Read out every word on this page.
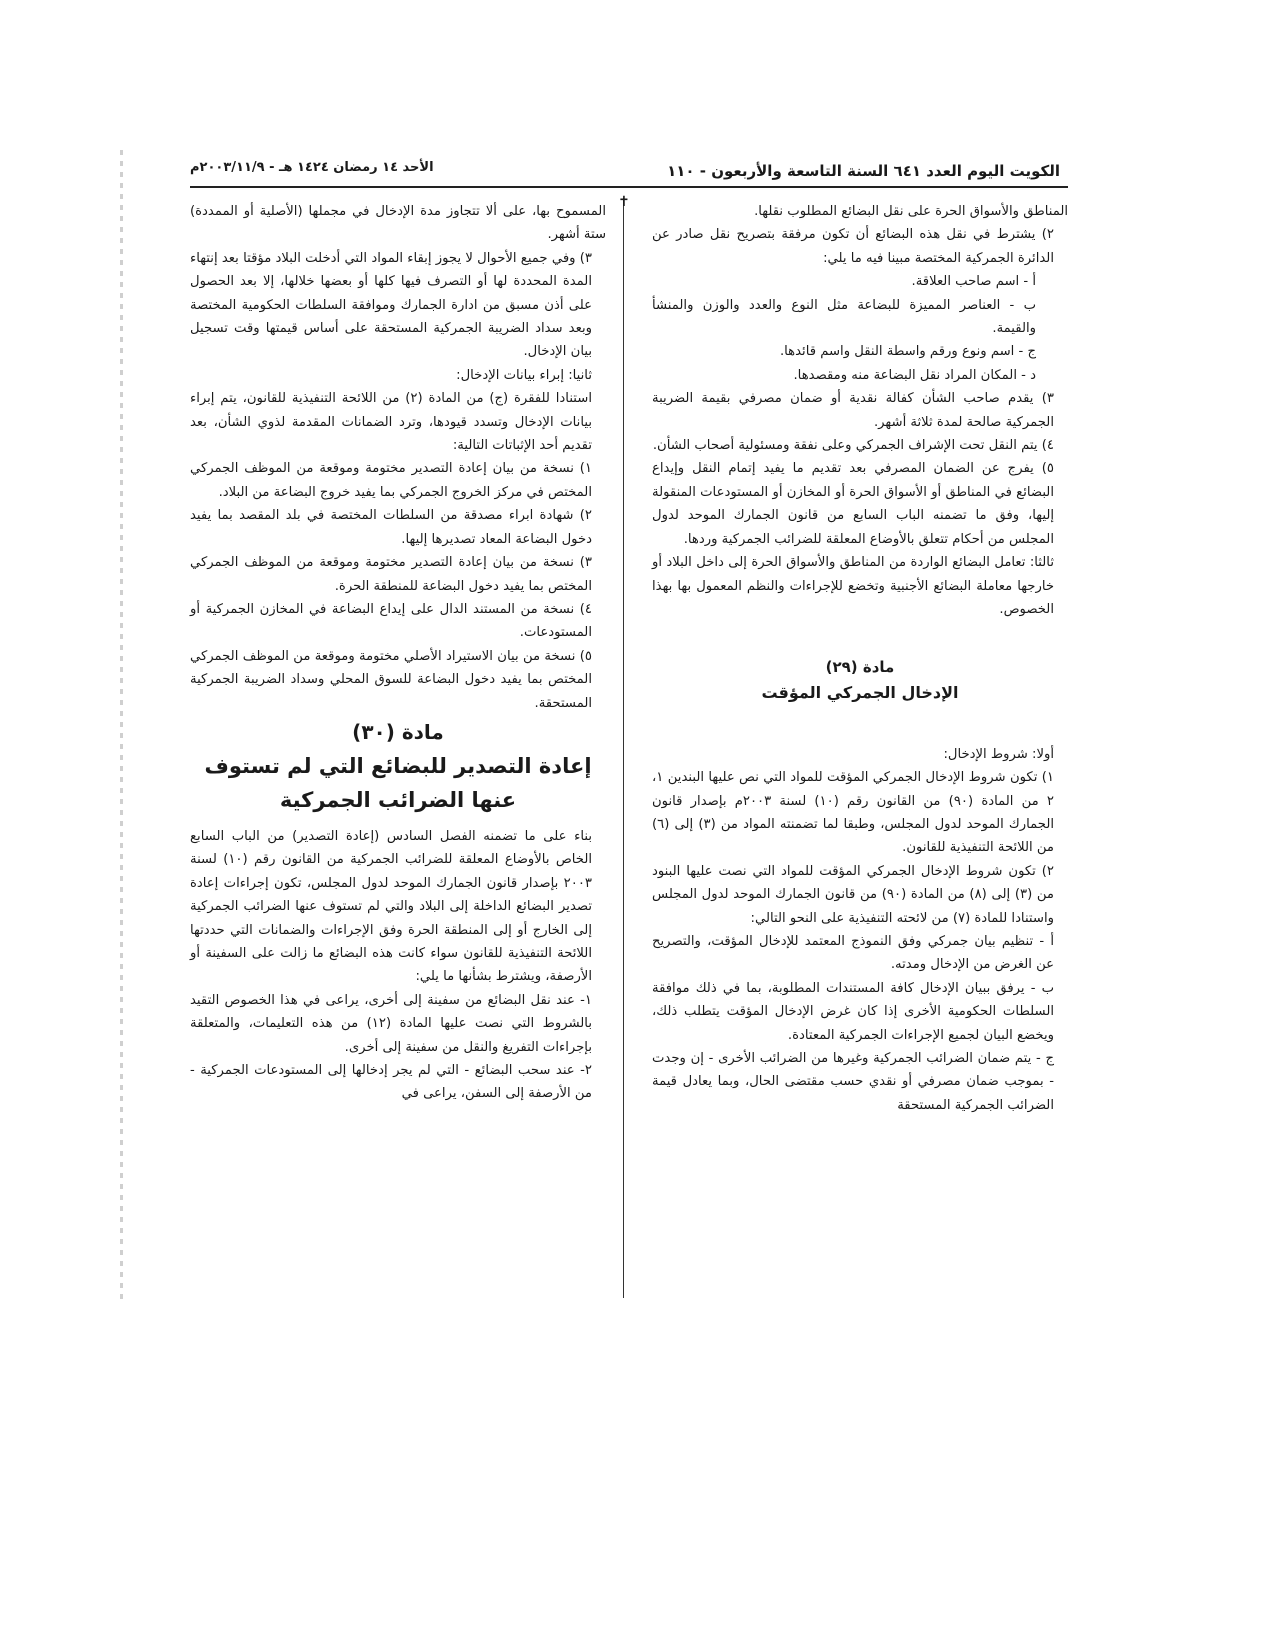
الكويت اليوم العدد ٦٤١ السنة التاسعة والأربعون - ١١٠
الأحد ١٤ رمضان ١٤٢٤ هـ - ٢٠٠٣/١١/٩م
✝

المناطق والأسواق الحرة على نقل البضائع المطلوب نقلها.

٢) يشترط في نقل هذه البضائع أن تكون مرفقة بتصريح نقل صادر عن الدائرة الجمركية المختصة مبينا فيه ما يلي:

أ - اسم صاحب العلاقة.

ب - العناصر المميزة للبضاعة مثل النوع والعدد والوزن والمنشأ والقيمة.

ج - اسم ونوع ورقم واسطة النقل واسم قائدها.

د - المكان المراد نقل البضاعة منه ومقصدها.

٣) يقدم صاحب الشأن كفالة نقدية أو ضمان مصرفي بقيمة الضريبة الجمركية صالحة لمدة ثلاثة أشهر.

٤) يتم النقل تحت الإشراف الجمركي وعلى نفقة ومسئولية أصحاب الشأن.

٥) يفرج عن الضمان المصرفي بعد تقديم ما يفيد إتمام النقل وإيداع البضائع في المناطق أو الأسواق الحرة أو المخازن أو المستودعات المنقولة إليها، وفق ما تضمنه الباب السابع من قانون الجمارك الموحد لدول المجلس من أحكام تتعلق بالأوضاع المعلقة للضرائب الجمركية وردها.

ثالثا: تعامل البضائع الواردة من المناطق والأسواق الحرة إلى داخل البلاد أو خارجها معاملة البضائع الأجنبية وتخضع للإجراءات والنظم المعمول بها بهذا الخصوص.

مادة (٢٩)
الإدخال الجمركي المؤقت

أولا: شروط الإدخال:

١) تكون شروط الإدخال الجمركي المؤقت للمواد التي نص عليها البندين ١، ٢ من المادة (٩٠) من القانون رقم (١٠) لسنة ٢٠٠٣م بإصدار قانون الجمارك الموحد لدول المجلس، وطبقا لما تضمنته المواد من (٣) إلى (٦) من اللائحة التنفيذية للقانون.

٢) تكون شروط الإدخال الجمركي المؤقت للمواد التي نصت عليها البنود من (٣) إلى (٨) من المادة (٩٠) من قانون الجمارك الموحد لدول المجلس واستنادا للمادة (٧) من لائحته التنفيذية على النحو التالي:

أ - تنظيم بيان جمركي وفق النموذج المعتمد للإدخال المؤقت، والتصريح عن الغرض من الإدخال ومدته.

ب - يرفق ببيان الإدخال كافة المستندات المطلوبة، بما في ذلك موافقة السلطات الحكومية الأخرى إذا كان غرض الإدخال المؤقت يتطلب ذلك، ويخضع البيان لجميع الإجراءات الجمركية المعتادة.

ج - يتم ضمان الضرائب الجمركية وغيرها من الضرائب الأخرى - إن وجدت - بموجب ضمان مصرفي أو نقدي حسب مقتضى الحال، وبما يعادل قيمة الضرائب الجمركية المستحقة

المسموح بها، على ألا تتجاوز مدة الإدخال في مجملها (الأصلية أو الممددة) ستة أشهر.

٣) وفي جميع الأحوال لا يجوز إبقاء المواد التي أدخلت البلاد مؤقتا بعد إنتهاء المدة المحددة لها أو التصرف فيها كلها أو بعضها خلالها، إلا بعد الحصول على أذن مسبق من ادارة الجمارك وموافقة السلطات الحكومية المختصة وبعد سداد الضريبة الجمركية المستحقة على أساس قيمتها وقت تسجيل بيان الإدخال.

ثانيا: إبراء بيانات الإدخال:

استنادا للفقرة (ج) من المادة (٢) من اللائحة التنفيذية للقانون، يتم إبراء بيانات الإدخال وتسدد قيودها، وترد الضمانات المقدمة لذوي الشأن، بعد تقديم أحد الإثباتات التالية:

١) نسخة من بيان إعادة التصدير مختومة وموقعة من الموظف الجمركي المختص في مركز الخروج الجمركي بما يفيد خروج البضاعة من البلاد.

٢) شهادة ابراء مصدقة من السلطات المختصة في بلد المقصد بما يفيد دخول البضاعة المعاد تصديرها إليها.

٣) نسخة من بيان إعادة التصدير مختومة وموقعة من الموظف الجمركي المختص بما يفيد دخول البضاعة للمنطقة الحرة.

٤) نسخة من المستند الدال على إيداع البضاعة في المخازن الجمركية أو المستودعات.

٥) نسخة من بيان الاستيراد الأصلي مختومة وموقعة من الموظف الجمركي المختص بما يفيد دخول البضاعة للسوق المحلي وسداد الضريبة الجمركية المستحقة.

مادة (٣٠)
إعادة التصدير للبضائع التي لم تستوف عنها الضرائب الجمركية

بناء على ما تضمنه الفصل السادس (إعادة التصدير) من الباب السابع الخاص بالأوضاع المعلقة للضرائب الجمركية من القانون رقم (١٠) لسنة ٢٠٠٣ بإصدار قانون الجمارك الموحد لدول المجلس، تكون إجراءات إعادة تصدير البضائع الداخلة إلى البلاد والتي لم تستوف عنها الضرائب الجمركية إلى الخارج أو إلى المنطقة الحرة وفق الإجراءات والضمانات التي حددتها اللائحة التنفيذية للقانون سواء كانت هذه البضائع ما زالت على السفينة أو الأرصفة، ويشترط بشأنها ما يلي:

١- عند نقل البضائع من سفينة إلى أخرى، يراعى في هذا الخصوص التقيد بالشروط التي نصت عليها المادة (١٢) من هذه التعليمات، والمتعلقة بإجراءات التفريغ والنقل من سفينة إلى أخرى.

٢- عند سحب البضائع - التي لم يجر إدخالها إلى المستودعات الجمركية - من الأرصفة إلى السفن، يراعى في
